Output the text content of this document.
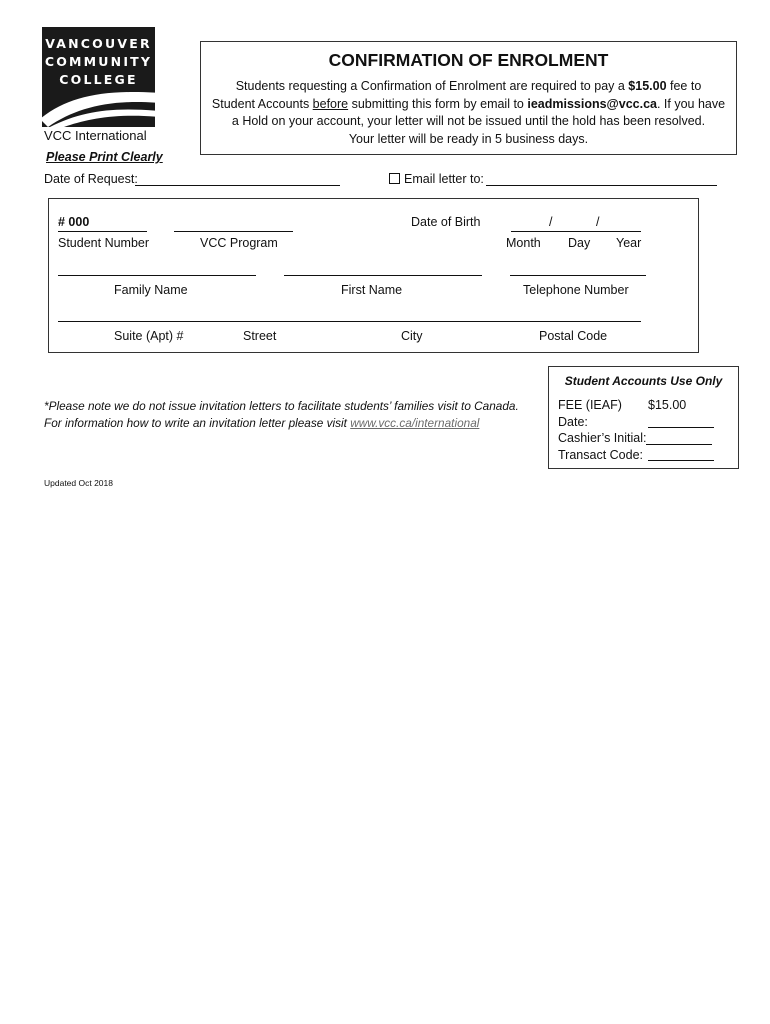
VANCOUVER
COMMUNITY
COLLEGE
VCC International
Please Print Clearly
CONFIRMATION OF ENROLMENT
Students requesting a Confirmation of Enrolment are required to pay a $15.00 fee to
Student Accounts before submitting this form by email to ieadmissions@vcc.ca. If you have
a Hold on your account, your letter will not be issued until the hold has been resolved.
Your letter will be ready in 5 business days.
Date of Request:	Email letter to:
# 000	Date of Birth	/	/
Student Number	VCC Program	Month Day Year
Family Name	First Name	Telephone Number
Suite (Apt) #	Street	City	Postal Code
*Please note we do not issue invitation letters to facilitate students’ families visit to Canada.
For information how to write an invitation letter please visit www.vcc.ca/international
Student Accounts Use Only
FEE (IEAF) $15.00
Date:
Cashier’s Initial:
Transact Code:
Updated Oct 2018
